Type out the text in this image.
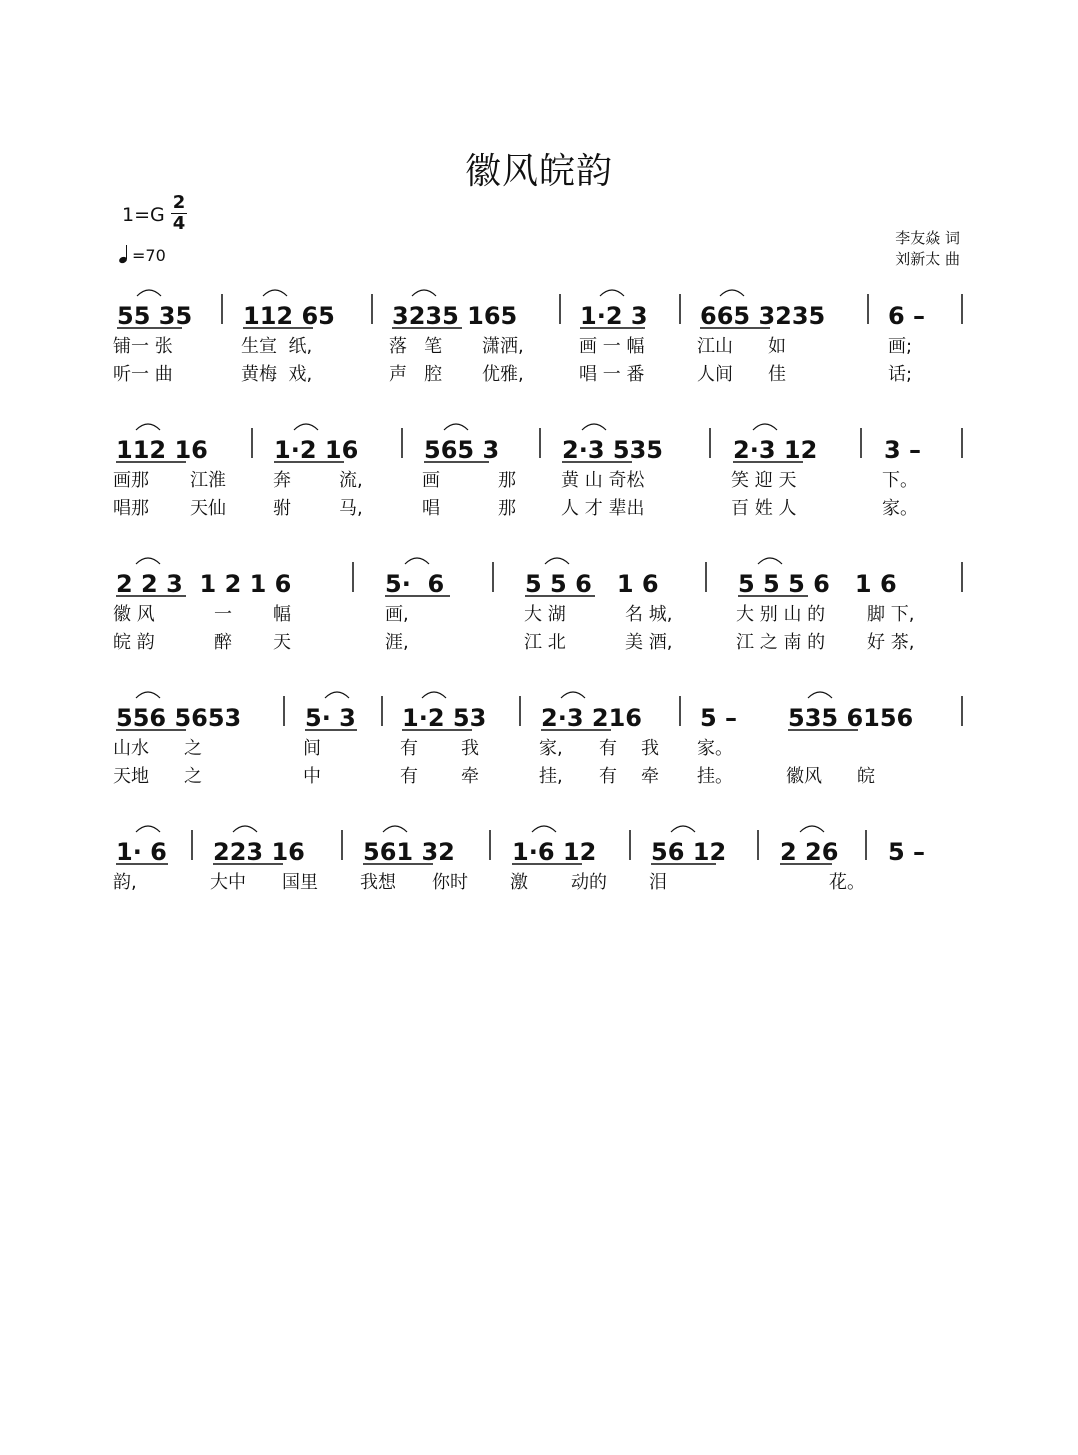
徽风皖韵
1=G
2
4
=70
李友焱 词
刘新太 曲
55 35 112 65 3235 165	1·2 3 665 3235	6 –
铺一 张	生宣  纸,	落   笔 潇洒,	画 一 幅	江山 如	画;
听一 曲	黄梅  戏,	声   腔 优雅,	唱 一 番	人间 佳	话;
112 16	1·2 16	565 3	2·3 535	2·3 12	3 –
画那 江淮	奔	流,	画	那	黄 山 奇松	笑 迎 天	下。
唱那 天仙	驸	马,	唱	那	人 才 辈出	百 姓 人	家。
2 2 3  1 2 1 6	5·  6	5 5 6   1 6	5 5 5 6   1 6
徽 风	一 幅	画,	大 湖	名 城,	大 别 山 的 脚 下,
皖 韵	醉 天	涯,	江 北	美 酒,	江 之 南 的 好 茶,
556 5653	5· 3 1·2 53 2·3 216 5 – 535 6156
山水 之	间	有 我	家, 有 我 家。
天地 之	中	有 牵	挂, 有 牵 挂。	徽风 皖
1· 6 223 16 561 32 1·6 12 56 12 2 26 5 –
韵,	大中 国里 我想 你时 激 动的 泪	花。
